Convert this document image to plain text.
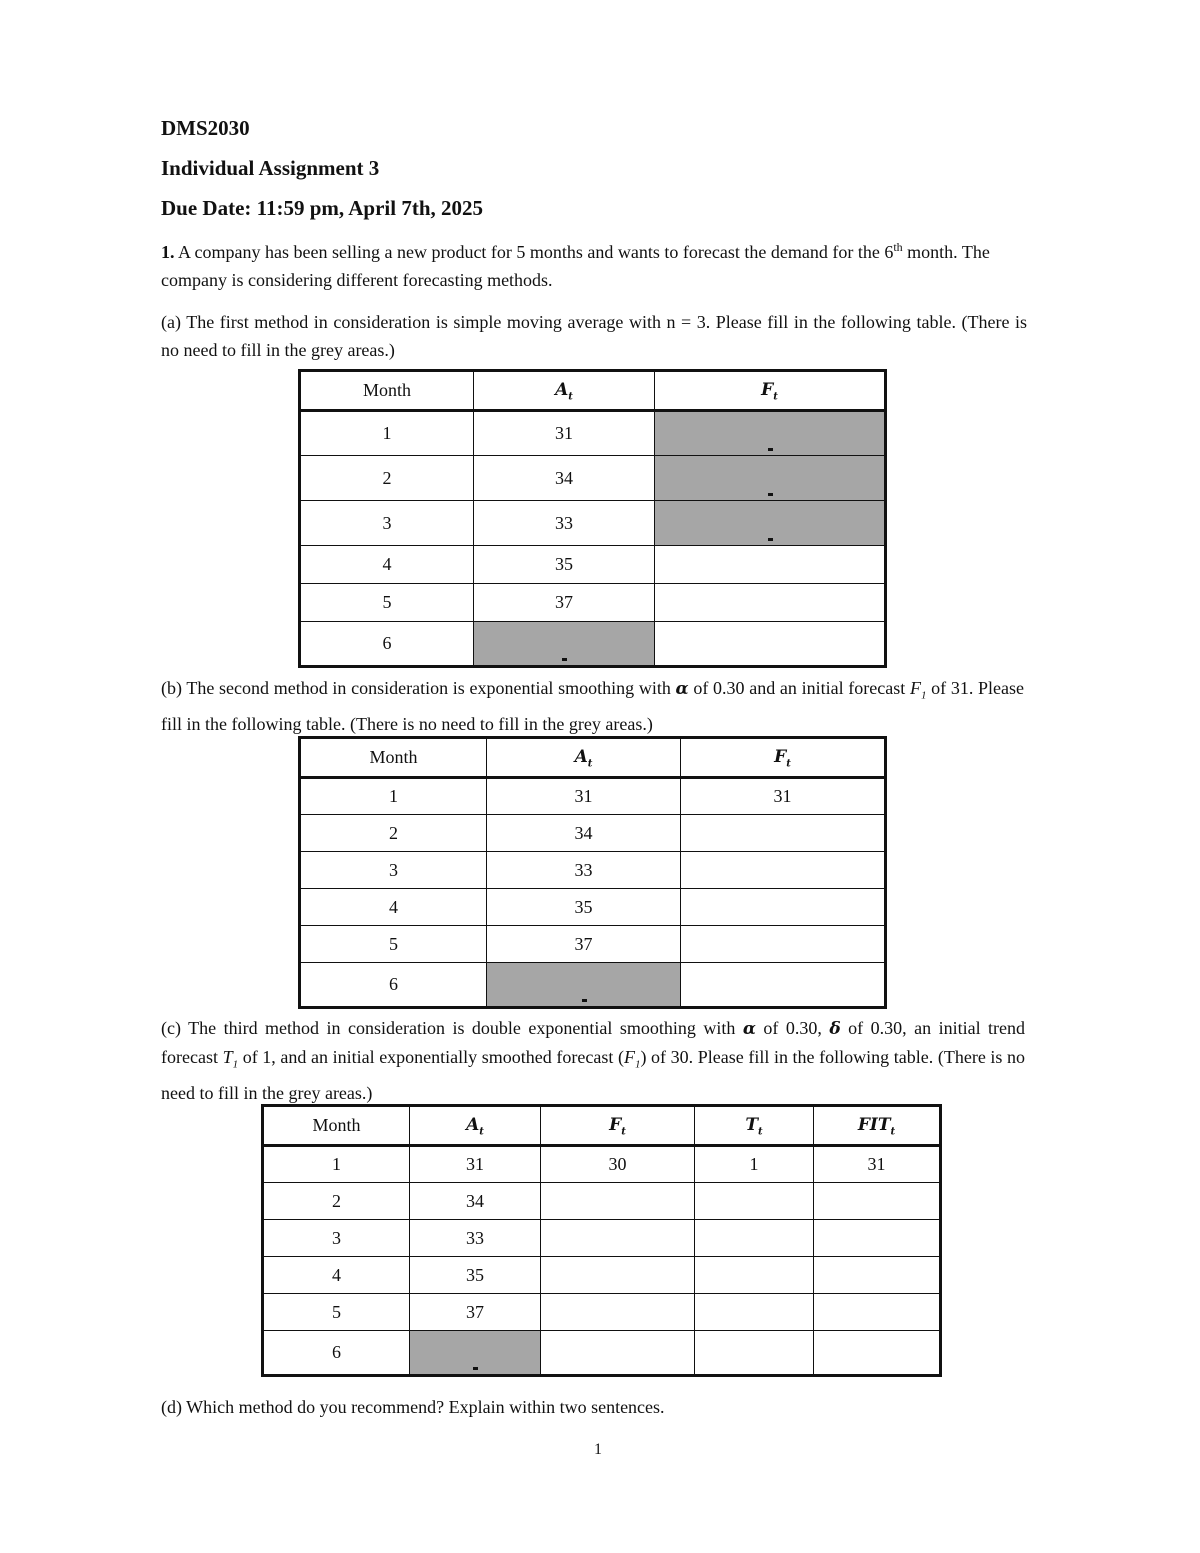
DMS2030
Individual Assignment 3
Due Date: 11:59 pm, April 7th, 2025
1. A company has been selling a new product for 5 months and wants to forecast the demand for the 6th month. The company is considering different forecasting methods.
(a) The first method in consideration is simple moving average with n = 3. Please fill in the following table. (There is no need to fill in the grey areas.)
Month	$A_t$	$F_t$
1	31	
2	34	
3	33	
4	35	
5	37	
6		
(b) The second method in consideration is exponential smoothing with α of 0.30 and an initial forecast $F_1$ of 31. Please fill in the following table. (There is no need to fill in the grey areas.)
Month	$A_t$	$F_t$
1	31	31
2	34	
3	33	
4	35	
5	37	
6		
(c) The third method in consideration is double exponential smoothing with α of 0.30, δ of 0.30, an initial trend forecast $T_1$ of 1, and an initial exponentially smoothed forecast $(F_1)$ of 30. Please fill in the following table. (There is no need to fill in the grey areas.)
Month	$A_t$	$F_t$	$T_t$	$FIT_t$
1	31	30	1	31
2	34			
3	33			
4	35			
5	37			
6				
(d) Which method do you recommend? Explain within two sentences.
1
